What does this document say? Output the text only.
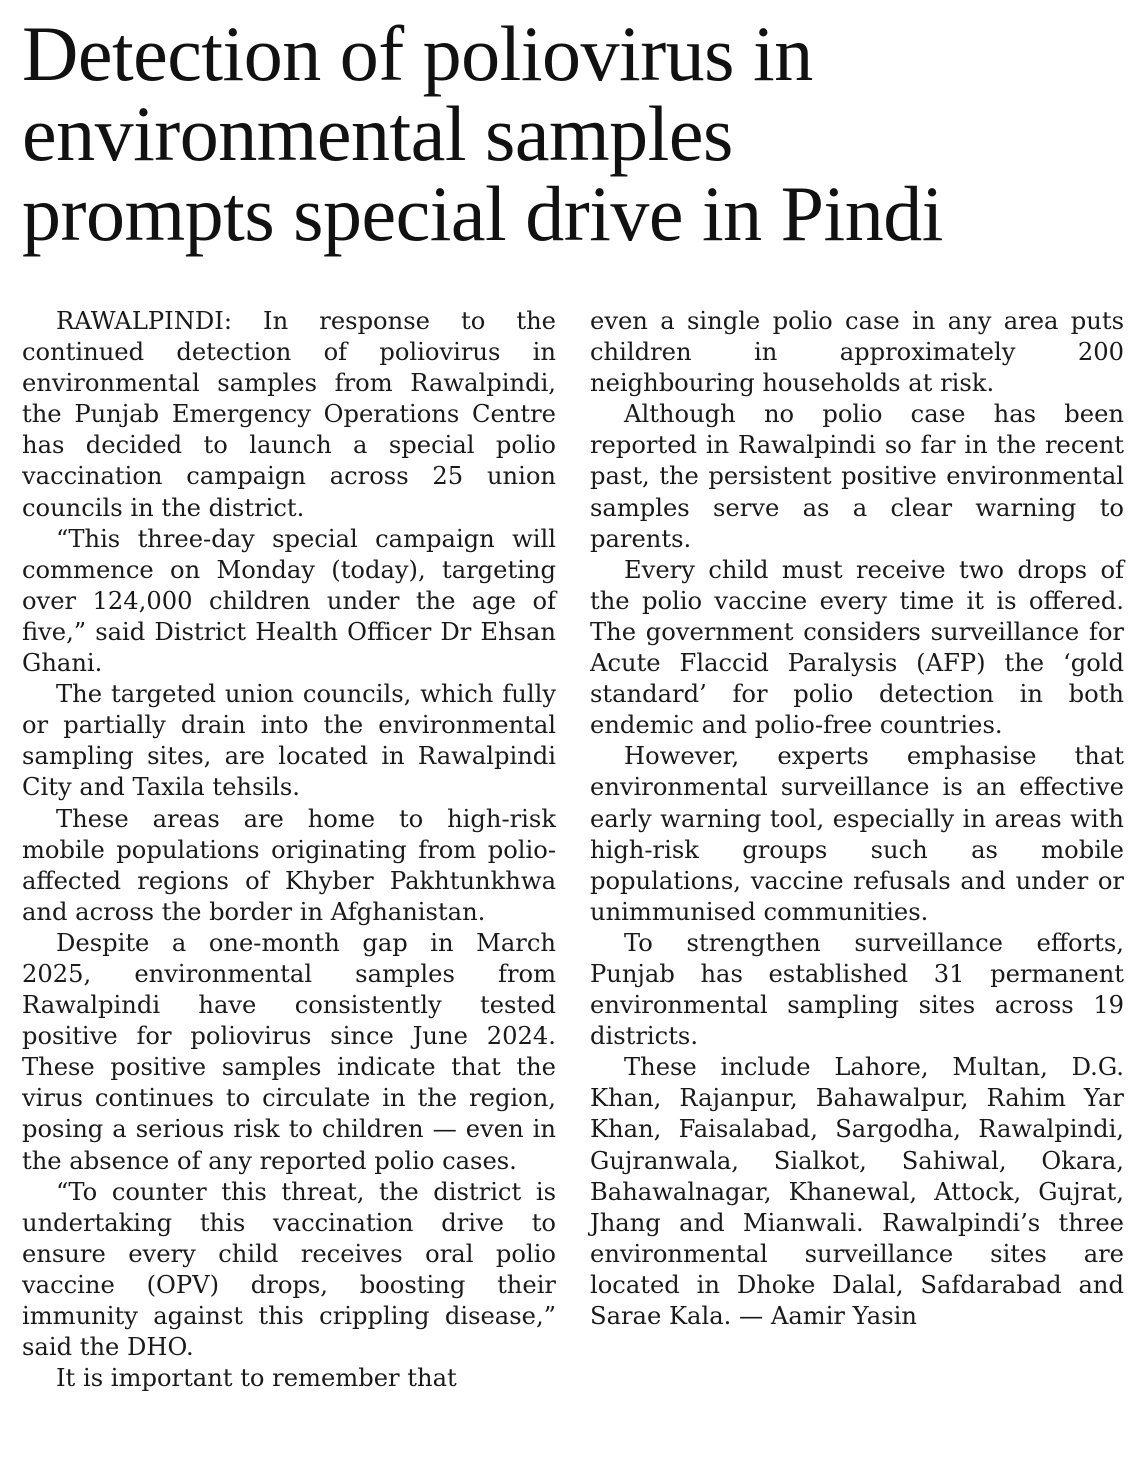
Detection of poliovirus in
environmental samples
prompts special drive in Pindi

RAWALPINDI: In response to the continued detection of poliovirus in environmental samples from Rawalpindi, the Punjab Emergency Operations Centre has decided to launch a special polio vaccination campaign across 25 union councils in the district.

“This three-day special campaign will commence on Monday (today), targeting over 124,000 children under the age of five,” said District Health Officer Dr Ehsan Ghani.

The targeted union councils, which fully or partially drain into the environmental sampling sites, are located in Rawalpindi City and Taxila tehsils.

These areas are home to high-risk mobile populations originating from polio-affected regions of Khyber Pakhtunkhwa and across the border in Afghanistan.

Despite a one-month gap in March 2025, environmental samples from Rawalpindi have consistently tested positive for poliovirus since June 2024. These positive samples indicate that the virus continues to circulate in the region, posing a serious risk to children — even in the absence of any reported polio cases.

“To counter this threat, the district is undertaking this vaccination drive to ensure every child receives oral polio vaccine (OPV) drops, boosting their immunity against this crippling disease,” said the DHO.

It is important to remember that

even a single polio case in any area puts children in approximately 200 neighbouring households at risk.

Although no polio case has been reported in Rawalpindi so far in the recent past, the persistent positive environmental samples serve as a clear warning to parents.

Every child must receive two drops of the polio vaccine every time it is offered. The government considers surveillance for Acute Flaccid Paralysis (AFP) the ‘gold standard’ for polio detection in both endemic and polio-free countries.

However, experts emphasise that environmental surveillance is an effective early warning tool, especially in areas with high-risk groups such as mobile populations, vaccine refusals and under or unimmunised communities.

To strengthen surveillance efforts, Punjab has established 31 permanent environmental sampling sites across 19 districts.

These include Lahore, Multan, D.G. Khan, Rajanpur, Bahawalpur, Rahim Yar Khan, Faisalabad, Sargodha, Rawalpindi, Gujranwala, Sialkot, Sahiwal, Okara, Bahawalnagar, Khanewal, Attock, Gujrat, Jhang and Mianwali. Rawalpindi’s three environmental surveillance sites are located in Dhoke Dalal, Safdarabad and Sarae Kala. — Aamir Yasin
